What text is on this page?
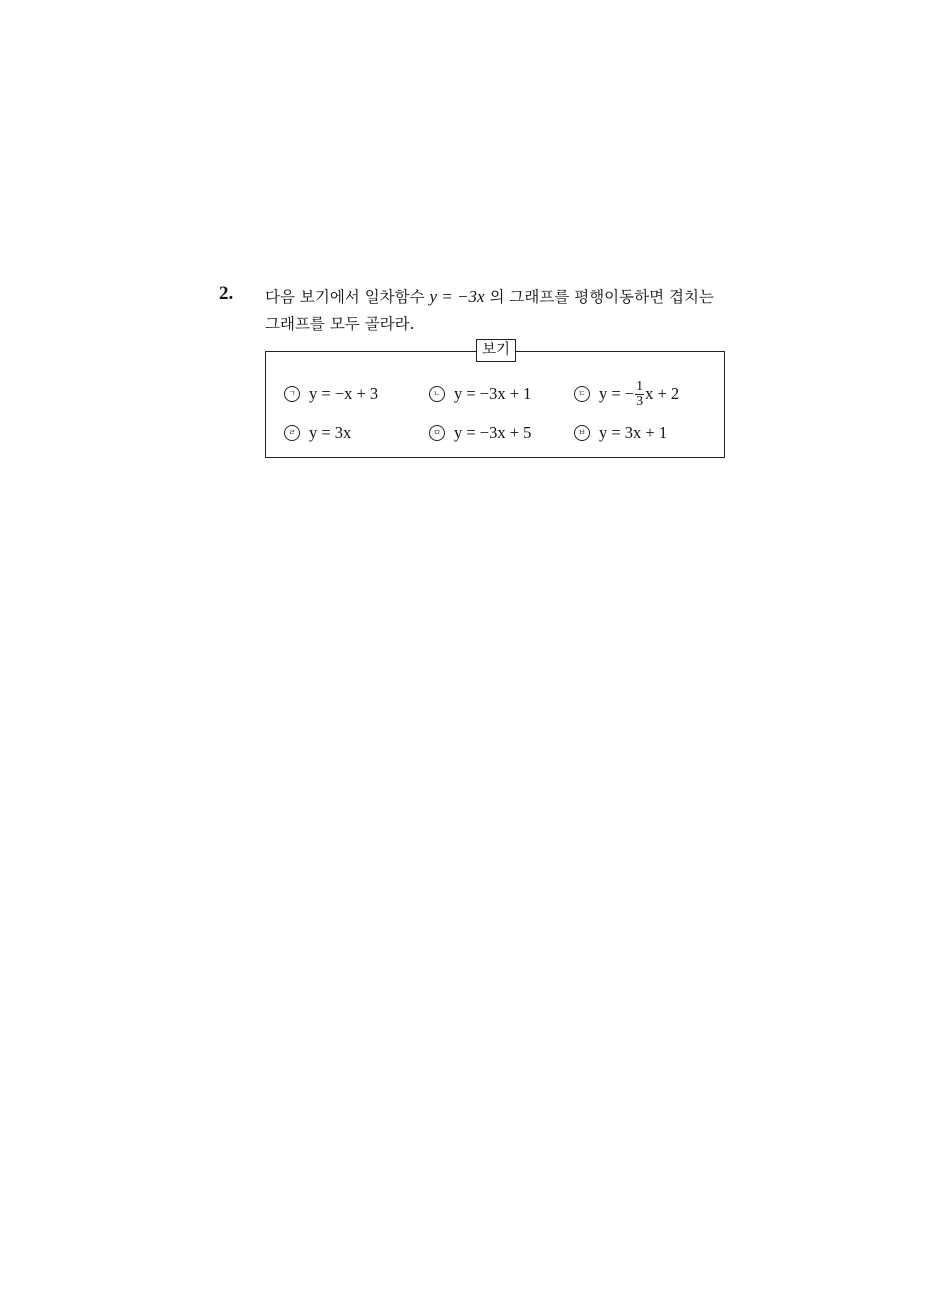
2. 다음 보기에서 일차함수 y = −3x 의 그래프를 평행이동하면 겹치는
그래프를 모두 골라라.
보기
ㄱ y = −x + 3	ㄴ y = −3x + 1	ㄷ y = − $\frac{1}{3}$ x + 2
ㄹ y = 3x	ㅁ y = −3x + 5	ㅂ y = 3x + 1
